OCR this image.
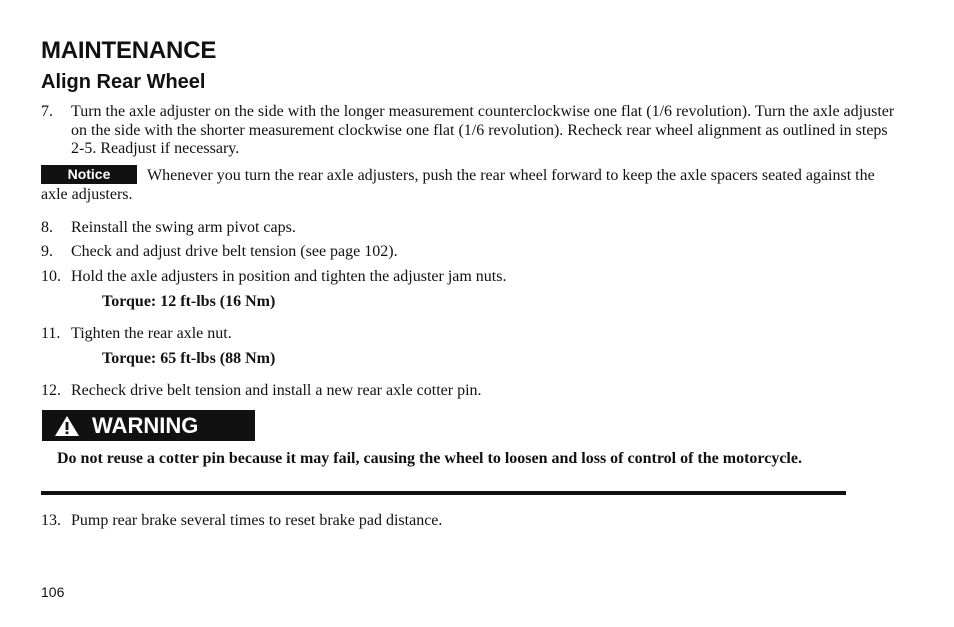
MAINTENANCE
Align Rear Wheel
7.	Turn the axle adjuster on the side with the longer measurement counterclockwise one flat (1/6 revolution). Turn the axle adjuster on the side with the shorter measurement clockwise one flat (1/6 revolution). Recheck rear wheel alignment as outlined in steps 2-5. Readjust if necessary.
Notice Whenever you turn the rear axle adjusters, push the rear wheel forward to keep the axle spacers seated against the axle adjusters.
8.	Reinstall the swing arm pivot caps.
9.	Check and adjust drive belt tension (see page 102).
10. Hold the axle adjusters in position and tighten the adjuster jam nuts.
Torque: 12 ft-lbs (16 Nm)
11. Tighten the rear axle nut.
Torque: 65 ft-lbs (88 Nm)
12. Recheck drive belt tension and install a new rear axle cotter pin.
WARNING
Do not reuse a cotter pin because it may fail, causing the wheel to loosen and loss of control of the motorcycle.
13. Pump rear brake several times to reset brake pad distance.
106
